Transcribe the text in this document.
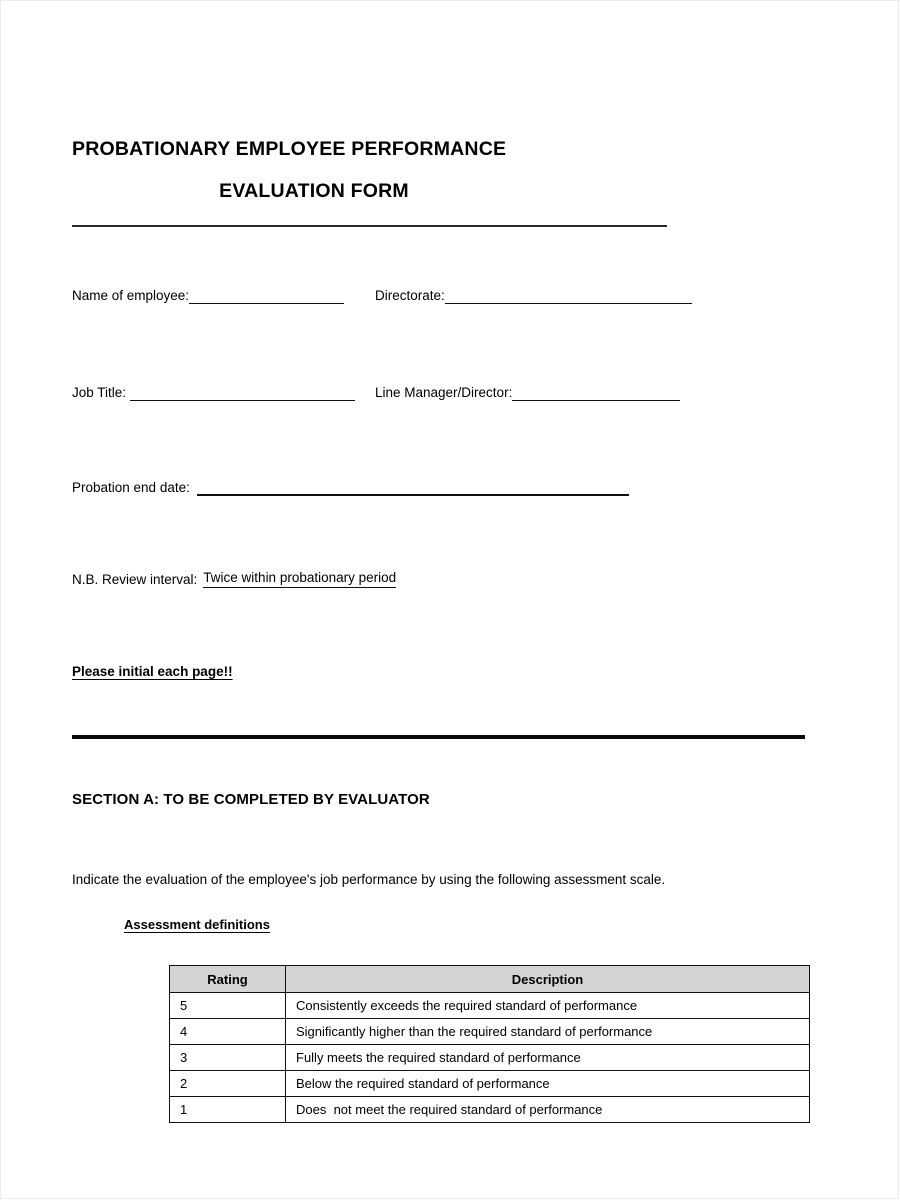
PROBATIONARY EMPLOYEE PERFORMANCE
EVALUATION FORM
Name of employee:	Directorate:
Job Title:	Line Manager/Director:
Probation end date:
N.B. Review interval: Twice within probationary period
Please initial each page!!
SECTION A: TO BE COMPLETED BY EVALUATOR
Indicate the evaluation of the employee's job performance by using the following assessment scale.
Assessment definitions
Rating	Description
5	Consistently exceeds the required standard of performance
4	Significantly higher than the required standard of performance
3	Fully meets the required standard of performance
2	Below the required standard of performance
1	Does  not meet the required standard of performance
